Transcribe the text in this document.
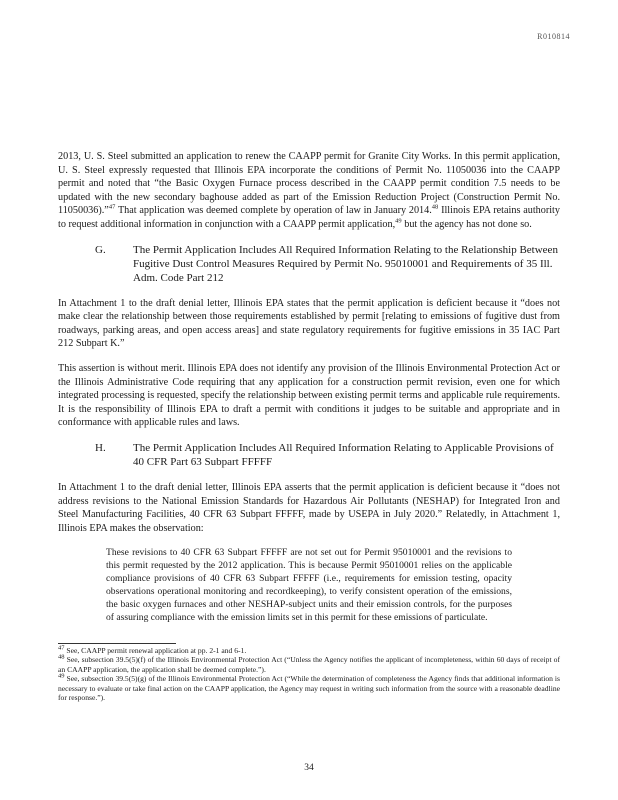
R010814

2013, U. S. Steel submitted an application to renew the CAAPP permit for Granite City Works. In this permit application, U. S. Steel expressly requested that Illinois EPA incorporate the conditions of Permit No. 11050036 into the CAAPP permit and noted that “the Basic Oxygen Furnace process described in the CAAPP permit condition 7.5 needs to be updated with the new secondary baghouse added as part of the Emission Reduction Project (Construction Permit No. 11050036).”$^{47}$ That application was deemed complete by operation of law in January 2014.48 Illinois EPA retains authority to request additional information in conjunction with a CAAPP permit application,$^{49}$ but the agency has not done so.

G.	The Permit Application Includes All Required Information Relating to the Relationship Between Fugitive Dust Control Measures Required by Permit No. 95010001 and Requirements of 35 Ill. Adm. Code Part 212

In Attachment 1 to the draft denial letter, Illinois EPA states that the permit application is deficient because it “does not make clear the relationship between those requirements established by permit [relating to emissions of fugitive dust from roadways, parking areas, and open access areas] and state regulatory requirements for fugitive emissions in 35 IAC Part 212 Subpart K.”

This assertion is without merit. Illinois EPA does not identify any provision of the Illinois Environmental Protection Act or the Illinois Administrative Code requiring that any application for a construction permit revision, even one for which integrated processing is requested, specify the relationship between existing permit terms and applicable rule requirements. It is the responsibility of Illinois EPA to draft a permit with conditions it judges to be suitable and appropriate and in conformance with applicable rules and laws.

H.	The Permit Application Includes All Required Information Relating to Applicable Provisions of 40 CFR Part 63 Subpart FFFFF

In Attachment 1 to the draft denial letter, Illinois EPA asserts that the permit application is deficient because it “does not address revisions to the National Emission Standards for Hazardous Air Pollutants (NESHAP) for Integrated Iron and Steel Manufacturing Facilities, 40 CFR 63 Subpart FFFFF, made by USEPA in July 2020.” Relatedly, in Attachment 1, Illinois EPA makes the observation:

These revisions to 40 CFR 63 Subpart FFFFF are not set out for Permit 95010001 and the revisions to this permit requested by the 2012 application. This is because Permit 95010001 relies on the applicable compliance provisions of 40 CFR 63 Subpart FFFFF (i.e., requirements for emission testing, opacity observations operational monitoring and recordkeeping), to verify consistent operation of the emissions, the basic oxygen furnaces and other NESHAP-subject units and their emission controls, for the purposes of assuring compliance with the emission limits set in this permit for these emissions of particulate.
$^{47}$ See, CAAPP permit renewal application at pp. 2-1 and 6-1.
$^{48}$ See, subsection 39.5(5)(f) of the Illinois Environmental Protection Act (“Unless the Agency notifies the applicant of incompleteness, within 60 days of receipt of an CAAPP application, the application shall be deemed complete.”).
$^{49}$ See, subsection 39.5(5)(g) of the Illinois Environmental Protection Act (“While the determination of completeness the Agency finds that additional information is necessary to evaluate or take final action on the CAAPP application, the Agency may request in writing such information from the source with a reasonable deadline for response.”).
34
